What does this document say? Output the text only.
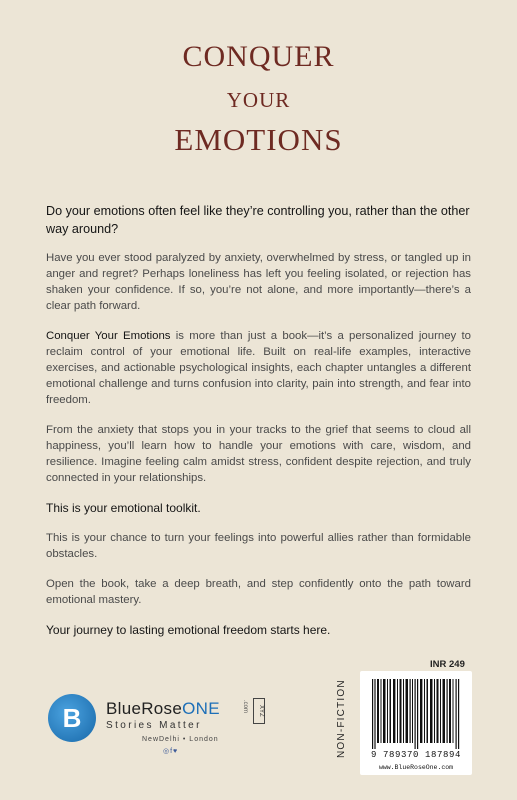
CONQUER
YOUR
EMOTIONS

Do your emotions often feel like they’re controlling you, rather than the other way around?

Have you ever stood paralyzed by anxiety, overwhelmed by stress, or tangled up in anger and regret? Perhaps loneliness has left you feeling isolated, or rejection has shaken your confidence. If so, you’re not alone, and more importantly—there’s a clear path forward.

Conquer Your Emotions is more than just a book—it’s a personalized journey to reclaim control of your emotional life. Built on real-life examples, interactive exercises, and actionable psychological insights, each chapter untangles a different emotional challenge and turns confusion into clarity, pain into strength, and fear into freedom.

From the anxiety that stops you in your tracks to the grief that seems to cloud all happiness, you’ll learn how to handle your emotions with care, wisdom, and resilience. Imagine feeling calm amidst stress, confident despite rejection, and truly connected in your relationships.

This is your emotional toolkit.

This is your chance to turn your feelings into powerful allies rather than formidable obstacles.

Open the book, take a deep breath, and step confidently onto the path toward emotional mastery.

Your journey to lasting emotional freedom starts here.

B	BlueRoseONE	.com	XYZ
Stories Matter
NewDelhi • London
◎f♥	NON-FICTION
INR 249
9 789370 187894
www.BlueRoseOne.com
